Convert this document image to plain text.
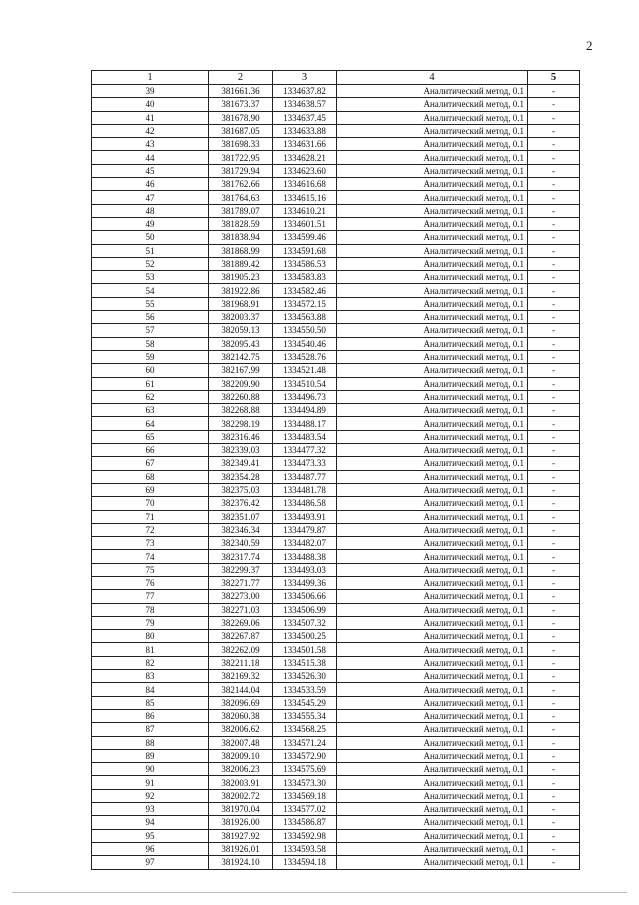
2
1	2	3	4	5
39	381661.36	1334637.82	Аналитический метод, 0.1	-
40	381673.37	1334638.57	Аналитический метод, 0.1	-
41	381678.90	1334637.45	Аналитический метод, 0.1	-
42	381687.05	1334633.88	Аналитический метод, 0.1	-
43	381698.33	1334631.66	Аналитический метод, 0.1	-
44	381722.95	1334628.21	Аналитический метод, 0.1	-
45	381729.94	1334623.60	Аналитический метод, 0.1	-
46	381762.66	1334616.68	Аналитический метод, 0.1	-
47	381764.63	1334615.16	Аналитический метод, 0.1	-
48	381789.07	1334610.21	Аналитический метод, 0.1	-
49	381828.59	1334601.51	Аналитический метод, 0.1	-
50	381838.94	1334599.46	Аналитический метод, 0.1	-
51	381868.99	1334591.68	Аналитический метод, 0.1	-
52	381889.42	1334586.53	Аналитический метод, 0.1	-
53	381905.23	1334583.83	Аналитический метод, 0.1	-
54	381922.86	1334582.46	Аналитический метод, 0.1	-
55	381968.91	1334572.15	Аналитический метод, 0.1	-
56	382003.37	1334563.88	Аналитический метод, 0.1	-
57	382059.13	1334550.50	Аналитический метод, 0.1	-
58	382095.43	1334540.46	Аналитический метод, 0.1	-
59	382142.75	1334528.76	Аналитический метод, 0.1	-
60	382167.99	1334521.48	Аналитический метод, 0.1	-
61	382209.90	1334510.54	Аналитический метод, 0.1	-
62	382260.88	1334496.73	Аналитический метод, 0.1	-
63	382268.88	1334494.89	Аналитический метод, 0.1	-
64	382298.19	1334488.17	Аналитический метод, 0.1	-
65	382316.46	1334483.54	Аналитический метод, 0.1	-
66	382339.03	1334477.32	Аналитический метод, 0.1	-
67	382349.41	1334473.33	Аналитический метод, 0.1	-
68	382354.28	1334487.77	Аналитический метод, 0.1	-
69	382375.03	1334481.78	Аналитический метод, 0.1	-
70	382376.42	1334486.58	Аналитический метод, 0.1	-
71	382351.07	1334493.91	Аналитический метод, 0.1	-
72	382346.34	1334479.87	Аналитический метод, 0.1	-
73	382340.59	1334482.07	Аналитический метод, 0.1	-
74	382317.74	1334488.38	Аналитический метод, 0.1	-
75	382299.37	1334493.03	Аналитический метод, 0.1	-
76	382271.77	1334499.36	Аналитический метод, 0.1	-
77	382273.00	1334506.66	Аналитический метод, 0.1	-
78	382271.03	1334506.99	Аналитический метод, 0.1	-
79	382269.06	1334507.32	Аналитический метод, 0.1	-
80	382267.87	1334500.25	Аналитический метод, 0.1	-
81	382262.09	1334501.58	Аналитический метод, 0.1	-
82	382211.18	1334515.38	Аналитический метод, 0.1	-
83	382169.32	1334526.30	Аналитический метод, 0.1	-
84	382144.04	1334533.59	Аналитический метод, 0.1	-
85	382096.69	1334545.29	Аналитический метод, 0.1	-
86	382060.38	1334555.34	Аналитический метод, 0.1	-
87	382006.62	1334568.25	Аналитический метод, 0.1	-
88	382007.48	1334571.24	Аналитический метод, 0.1	-
89	382009.10	1334572.90	Аналитический метод, 0.1	-
90	382006.23	1334575.69	Аналитический метод, 0.1	-
91	382003.91	1334573.30	Аналитический метод, 0.1	-
92	382002.72	1334569.18	Аналитический метод, 0.1	-
93	381970.04	1334577.02	Аналитический метод, 0.1	-
94	381926.00	1334586.87	Аналитический метод, 0.1	-
95	381927.92	1334592.98	Аналитический метод, 0.1	-
96	381926.01	1334593.58	Аналитический метод, 0.1	-
97	381924.10	1334594.18	Аналитический метод, 0.1	-
